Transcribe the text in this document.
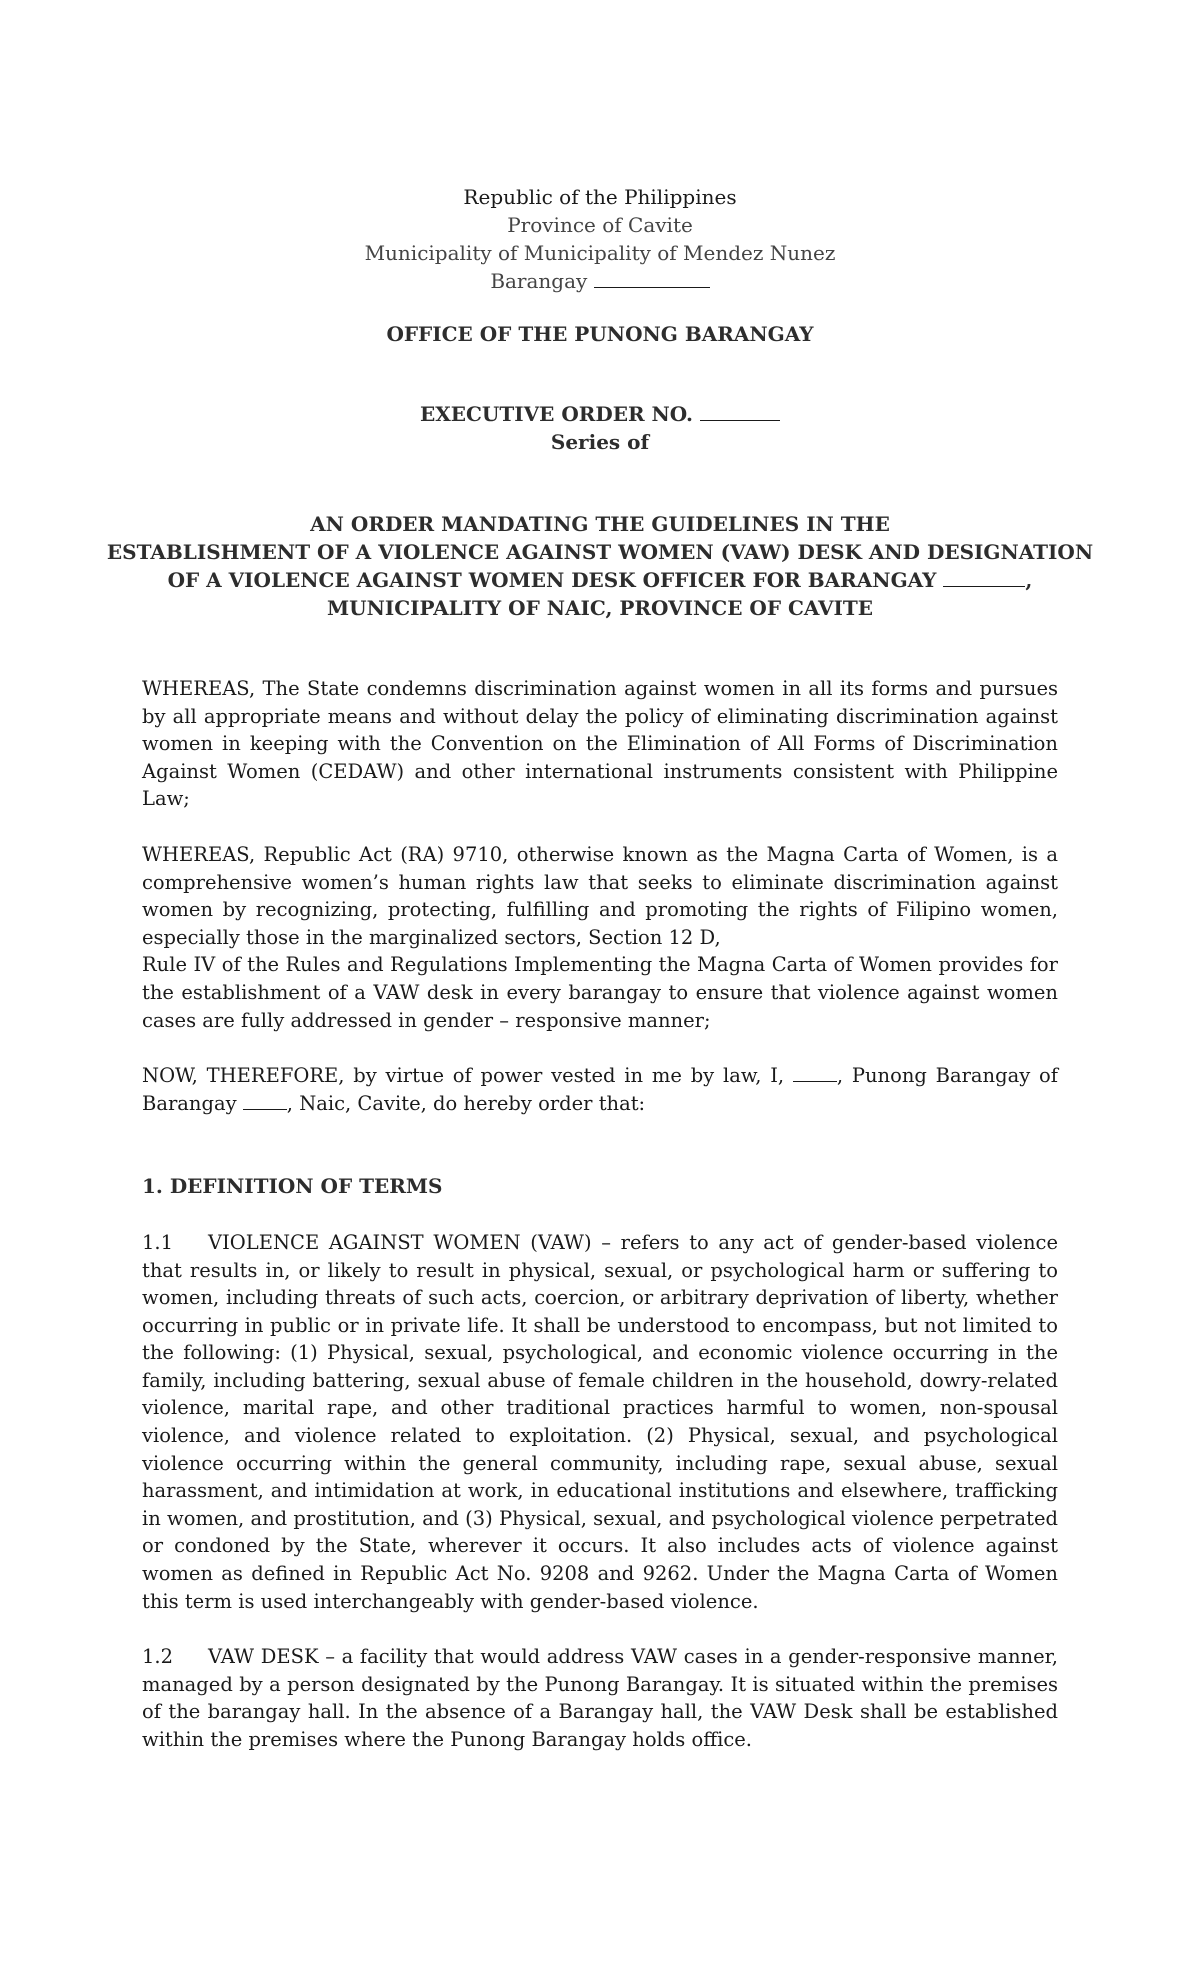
Republic of the Philippines
Province of Cavite
Municipality of Municipality of Mendez Nunez
Barangay
OFFICE OF THE PUNONG BARANGAY
EXECUTIVE ORDER NO.
Series of
AN ORDER MANDATING THE GUIDELINES IN THE
ESTABLISHMENT OF A VIOLENCE AGAINST WOMEN (VAW) DESK AND DESIGNATION
OF A VIOLENCE AGAINST WOMEN DESK OFFICER FOR BARANGAY	,
MUNICIPALITY OF NAIC, PROVINCE OF CAVITE

WHEREAS, The State condemns discrimination against women in all its forms and pursues by all appropriate means and without delay the policy of eliminating discrimination against women in keeping with the Convention on the Elimination of All Forms of Discrimination Against Women (CEDAW) and other international instruments consistent with Philippine Law;

WHEREAS, Republic Act (RA) 9710, otherwise known as the Magna Carta of Women, is a comprehensive women’s human rights law that seeks to eliminate discrimination against women by recognizing, protecting, fulfilling and promoting the rights of Filipino women, especially those in the marginalized sectors, Section 12 D,

Rule IV of the Rules and Regulations Implementing the Magna Carta of Women provides for the establishment of a VAW desk in every barangay to ensure that violence against women cases are fully addressed in gender – responsive manner;

NOW, THEREFORE, by virtue of power vested in me by law, I,	, Punong Barangay of Barangay	, Naic, Cavite, do hereby order that:

1. DEFINITION OF TERMS

1.1 VIOLENCE AGAINST WOMEN (VAW) – refers to any act of gender-based violence that results in, or likely to result in physical, sexual, or psychological harm or suffering to women, including threats of such acts, coercion, or arbitrary deprivation of liberty, whether occurring in public or in private life. It shall be understood to encompass, but not limited to the following: (1) Physical, sexual, psychological, and economic violence occurring in the family, including battering, sexual abuse of female children in the household, dowry-related violence, marital rape, and other traditional practices harmful to women, non-spousal violence, and violence related to exploitation. (2) Physical, sexual, and psychological violence occurring within the general community, including rape, sexual abuse, sexual harassment, and intimidation at work, in educational institutions and elsewhere, trafficking in women, and prostitution, and (3) Physical, sexual, and psychological violence perpetrated or condoned by the State, wherever it occurs. It also includes acts of violence against women as defined in Republic Act No. 9208 and 9262. Under the Magna Carta of Women this term is used interchangeably with gender-based violence.

1.2 VAW DESK – a facility that would address VAW cases in a gender-responsive manner, managed by a person designated by the Punong Barangay. It is situated within the premises of the barangay hall. In the absence of a Barangay hall, the VAW Desk shall be established within the premises where the Punong Barangay holds office.
